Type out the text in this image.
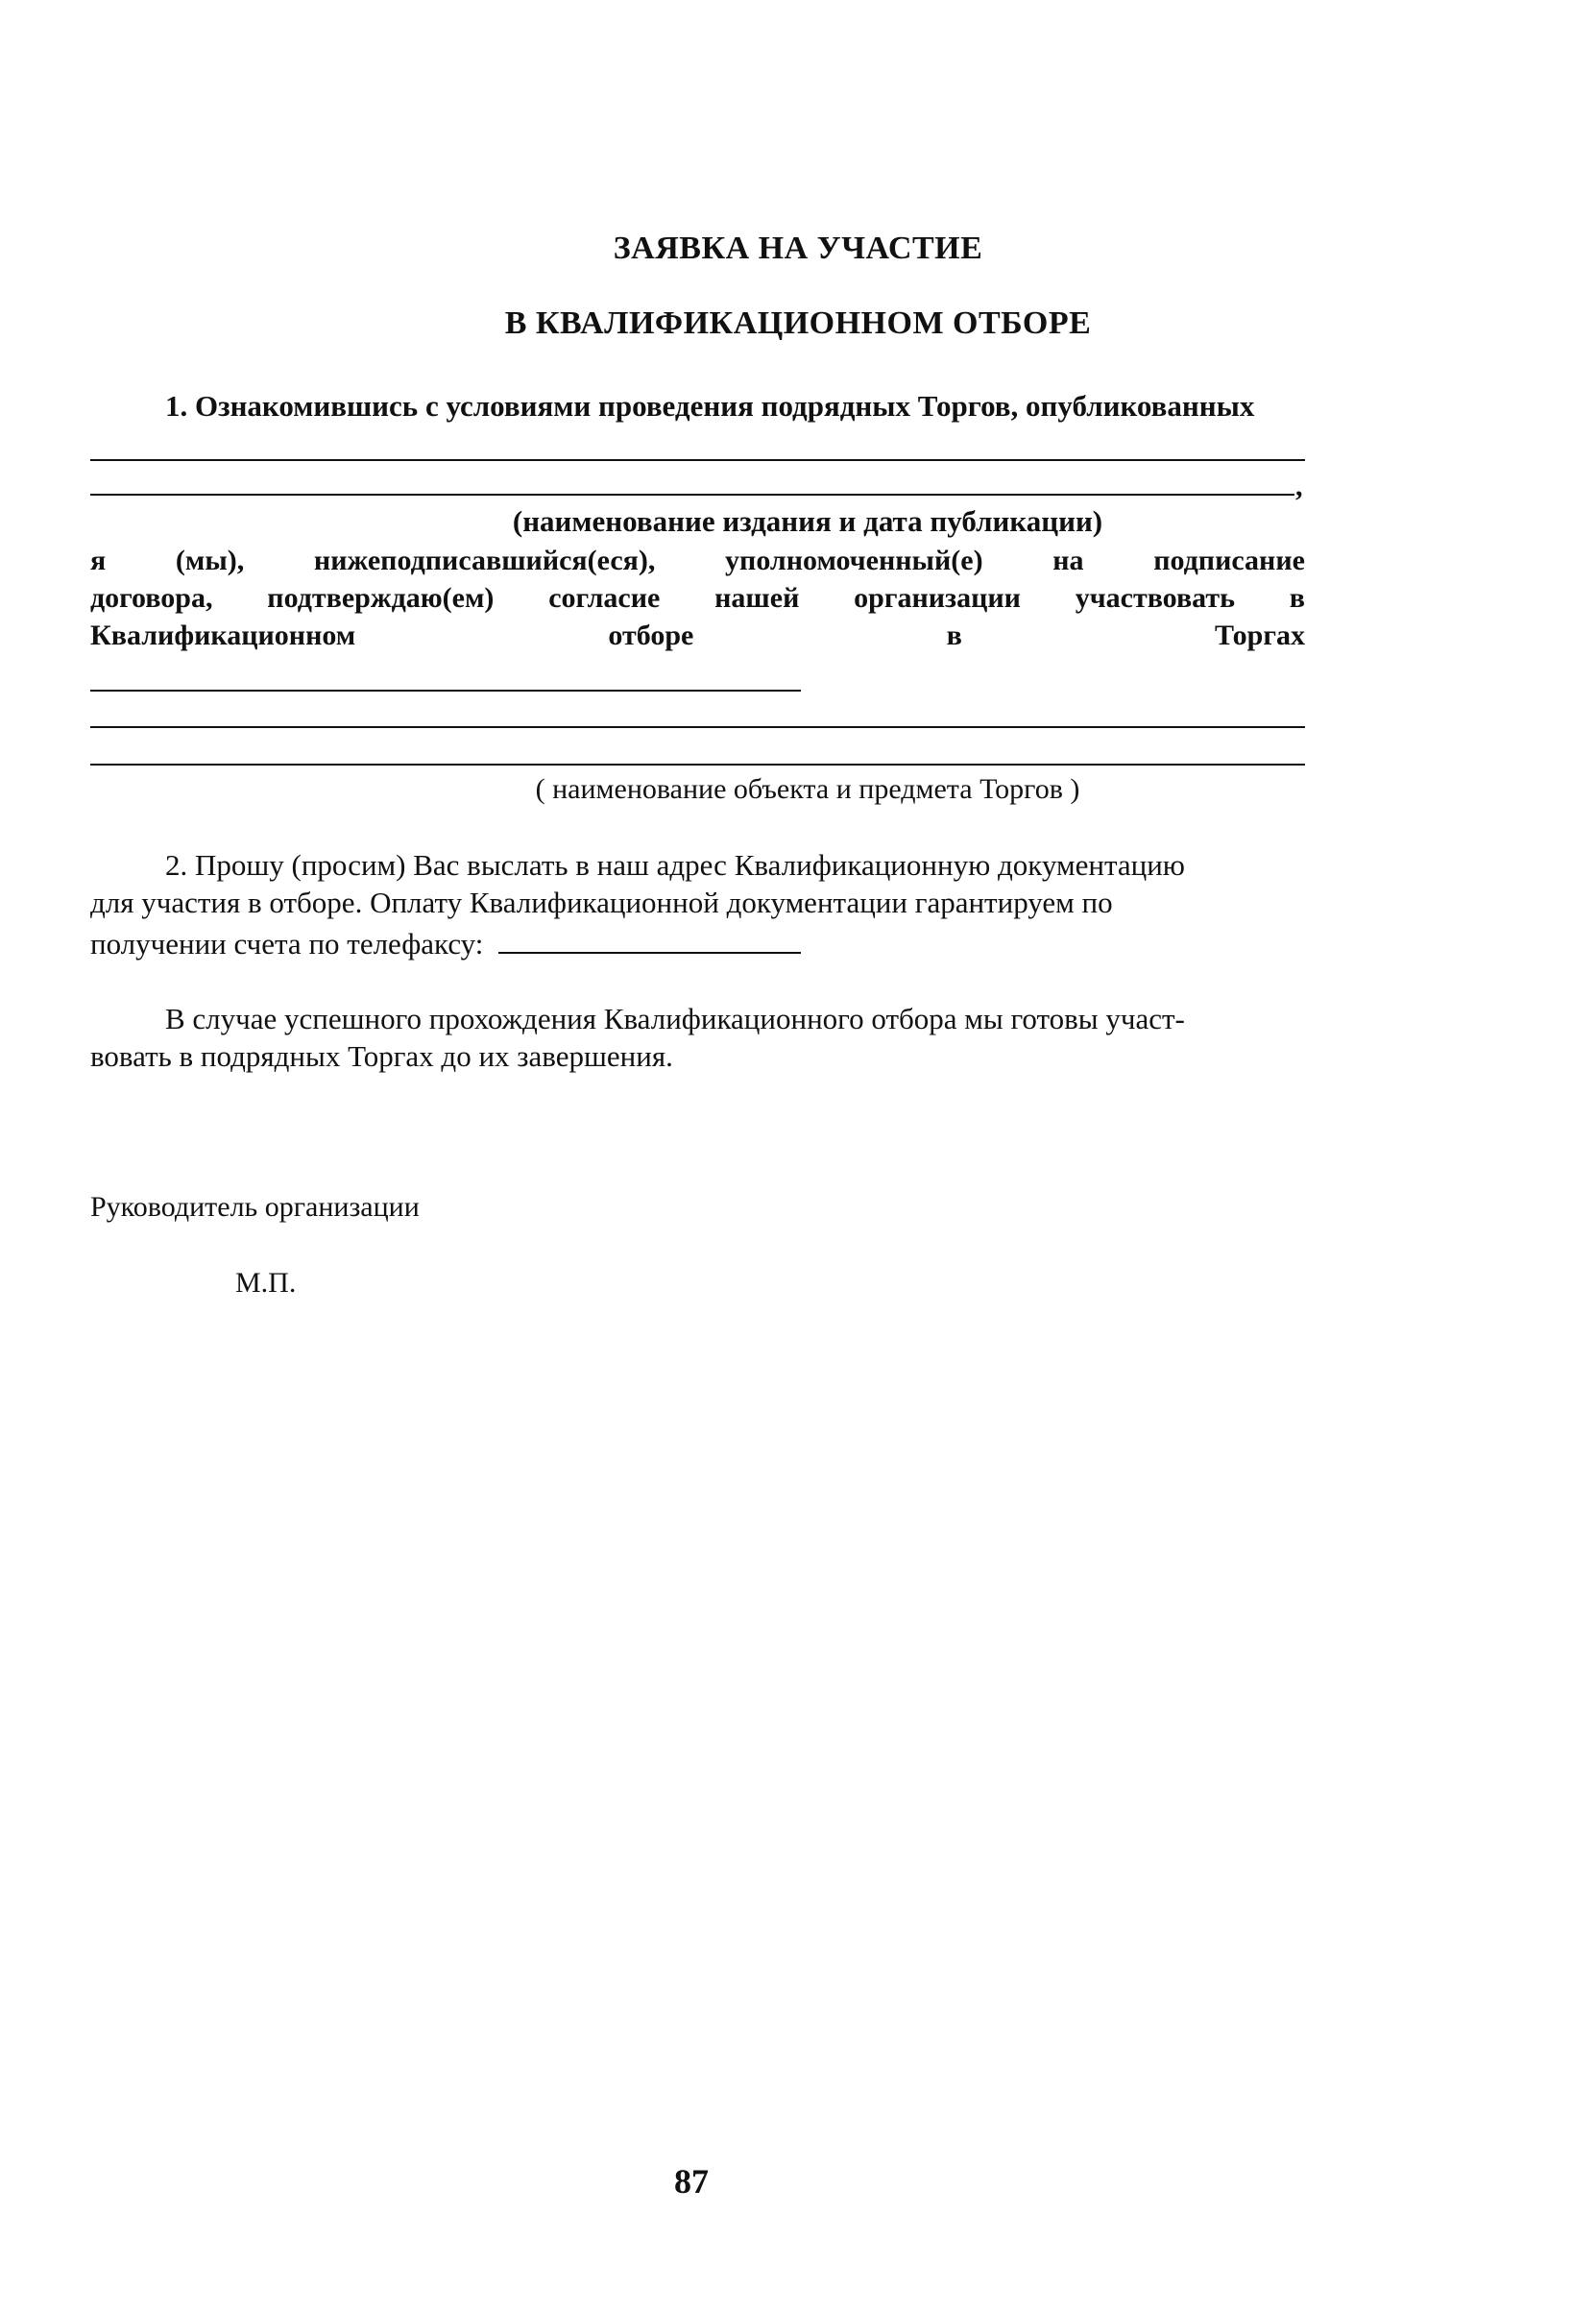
ЗАЯВКА НА УЧАСТИЕ
В КВАЛИФИКАЦИОННОМ ОТБОРЕ
1. Ознакомившись с условиями проведения подрядных Торгов, опубликованных
,
(наименование издания и дата публикации)
я (мы), нижеподписавшийся(еся), уполномоченный(е) на подписание
договора, подтверждаю(ем) согласие нашей организации участвовать в
Квалификационном	отборе	в	Торгах
( наименование объекта и предмета Торгов )
2. Прошу (просим) Вас выслать в наш адрес Квалификационную документацию
для участия в отборе. Оплату Квалификационной документации гарантируем по
получении счета по телефаксу:
В случае успешного прохождения Квалификационного отбора мы готовы участ-
вовать в подрядных Торгах до их завершения.
Руководитель организации
М.П.
87
